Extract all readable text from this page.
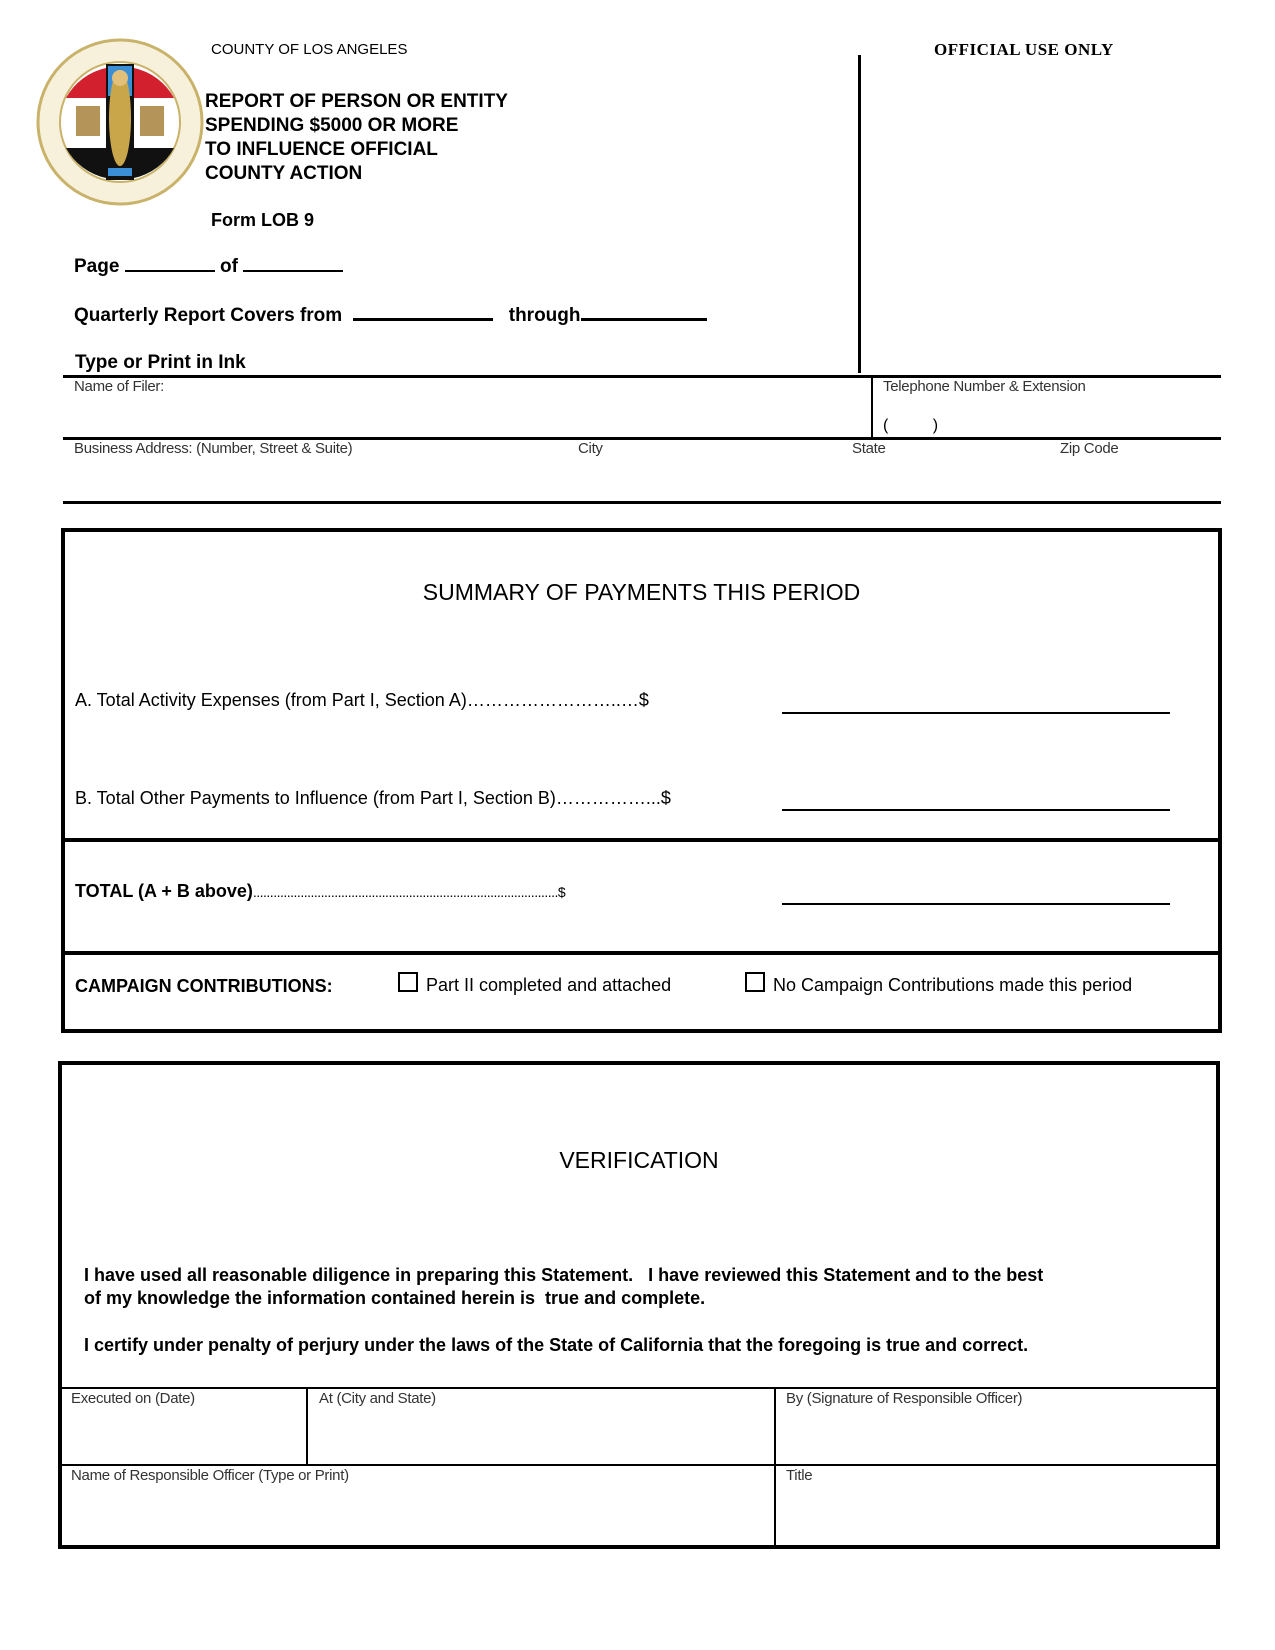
COUNTY OF LOS ANGELES
REPORT OF PERSON OR ENTITY
SPENDING $5000 OR MORE
TO INFLUENCE OFFICIAL
COUNTY ACTION
Form LOB 9
OFFICIAL USE ONLY
Page	of
Quarterly Report Covers from	through
Type or Print in Ink
Name of Filer:	Telephone Number & Extension
(          )
Business Address: (Number, Street & Suite)	City	State	Zip Code
SUMMARY OF PAYMENTS THIS PERIOD
A. Total Activity Expenses (from Part I, Section A)……………………..…$
B. Total Other Payments to Influence (from Part I, Section B)……………...$
TOTAL (A + B above)..........................................................................................$
CAMPAIGN CONTRIBUTIONS:	Part II completed and attached	No Campaign Contributions made this period
VERIFICATION
I have used all reasonable diligence in preparing this Statement.   I have reviewed this Statement and to the best
of my knowledge the information contained herein is  true and complete.
I certify under penalty of perjury under the laws of the State of California that the foregoing is true and correct.
Executed on (Date)	At (City and State)	By (Signature of Responsible Officer)
Name of Responsible Officer (Type or Print)	Title
